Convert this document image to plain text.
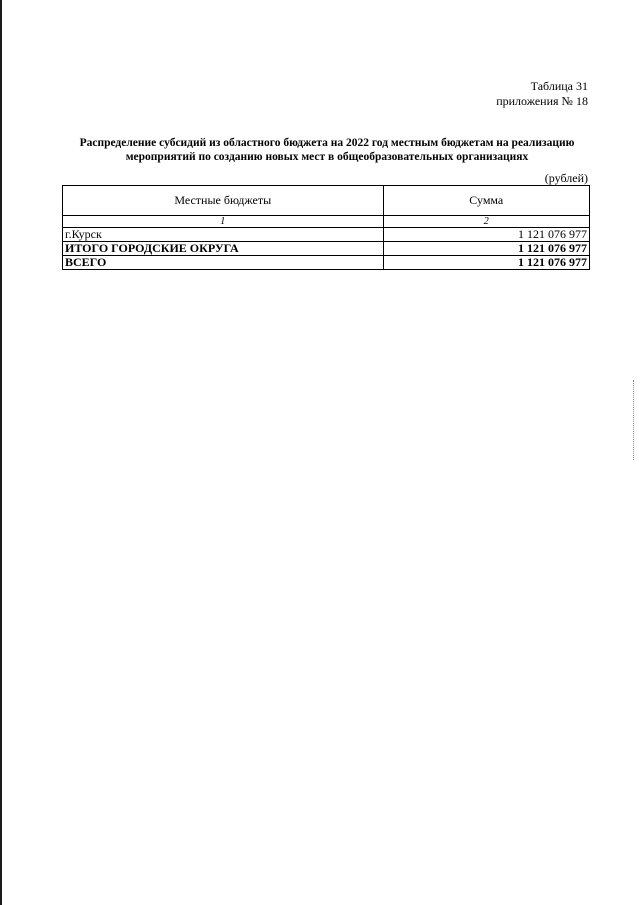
Таблица 31
приложения № 18
Распределение субсидий из областного бюджета на 2022 год местным бюджетам на реализацию
мероприятий по созданию новых мест в общеобразовательных организациях
(рублей)
Местные бюджеты	Сумма
1	2
г.Курск	1 121 076 977
ИТОГО ГОРОДСКИЕ ОКРУГА	1 121 076 977
ВСЕГО	1 121 076 977
